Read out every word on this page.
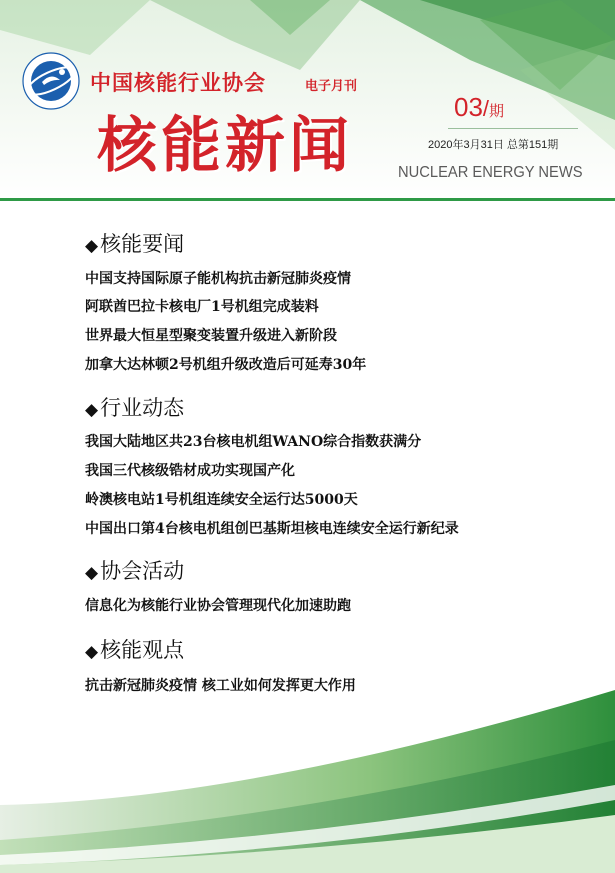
中国核能行业协会	电子月刊
核能新闻
03/期
2020年3月31日 总第151期
NUCLEAR ENERGY NEWS
◆核能要闻
中国支持国际原子能机构抗击新冠肺炎疫情
阿联酋巴拉卡核电厂1号机组完成装料
世界最大恒星型聚变装置升级进入新阶段
加拿大达林顿2号机组升级改造后可延寿30年
◆行业动态
我国大陆地区共23台核电机组WANO综合指数获满分
我国三代核级锆材成功实现国产化
岭澳核电站1号机组连续安全运行达5000天
中国出口第4台核电机组创巴基斯坦核电连续安全运行新纪录
◆协会活动
信息化为核能行业协会管理现代化加速助跑
◆核能观点
抗击新冠肺炎疫情 核工业如何发挥更大作用
